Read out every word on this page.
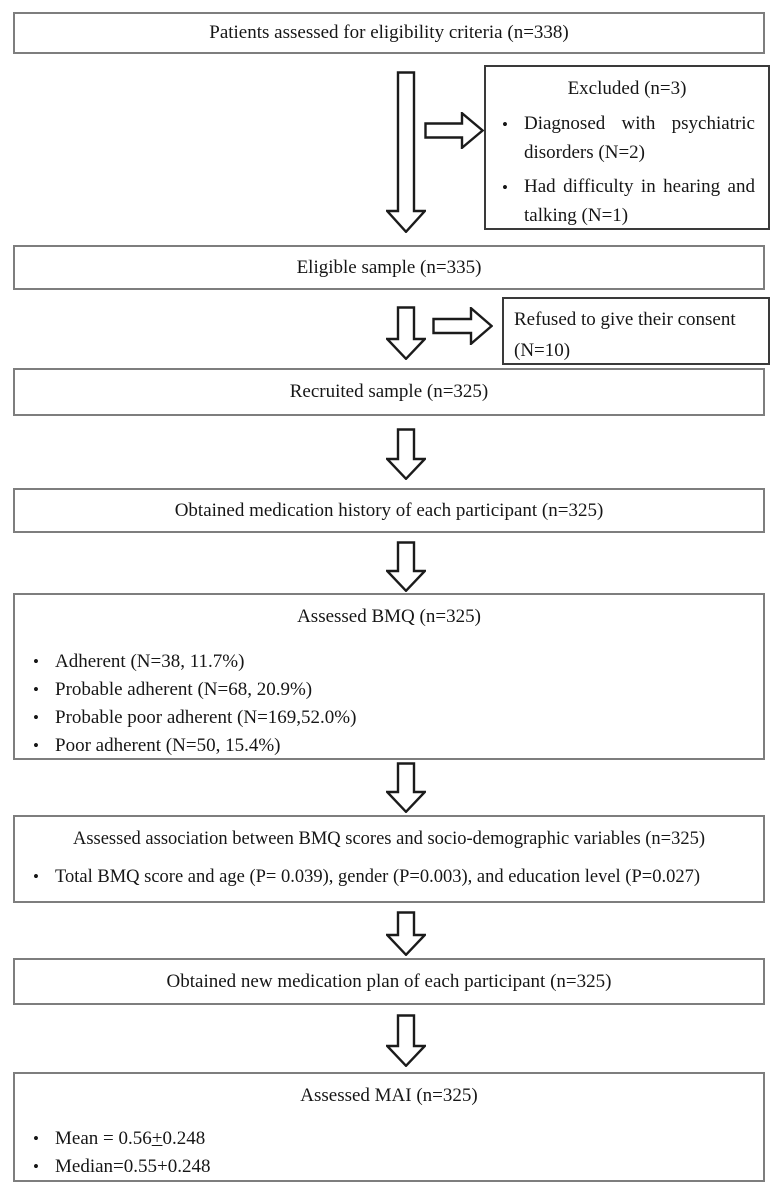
Patients assessed for eligibility criteria (n=338)
Excluded (n=3)
•
Diagnosed with psychiatric disorders (N=2)
•
Had difficulty in hearing and talking (N=1)
Eligible sample (n=335)
Refused to give their consent
(N=10)
Recruited sample (n=325)
Obtained medication history of each participant (n=325)
Assessed BMQ (n=325)
•
Adherent (N=38, 11.7%)
•
Probable adherent (N=68, 20.9%)
•
Probable poor adherent (N=169,52.0%)
•
Poor adherent (N=50, 15.4%)
Assessed association between BMQ scores and socio-demographic variables (n=325)
•
Total BMQ score and age (P= 0.039), gender (P=0.003), and education level (P=0.027)
Obtained new medication plan of each participant (n=325)
Assessed MAI (n=325)
•
Mean = 0.56+0.248
•
Median=0.55+0.248
